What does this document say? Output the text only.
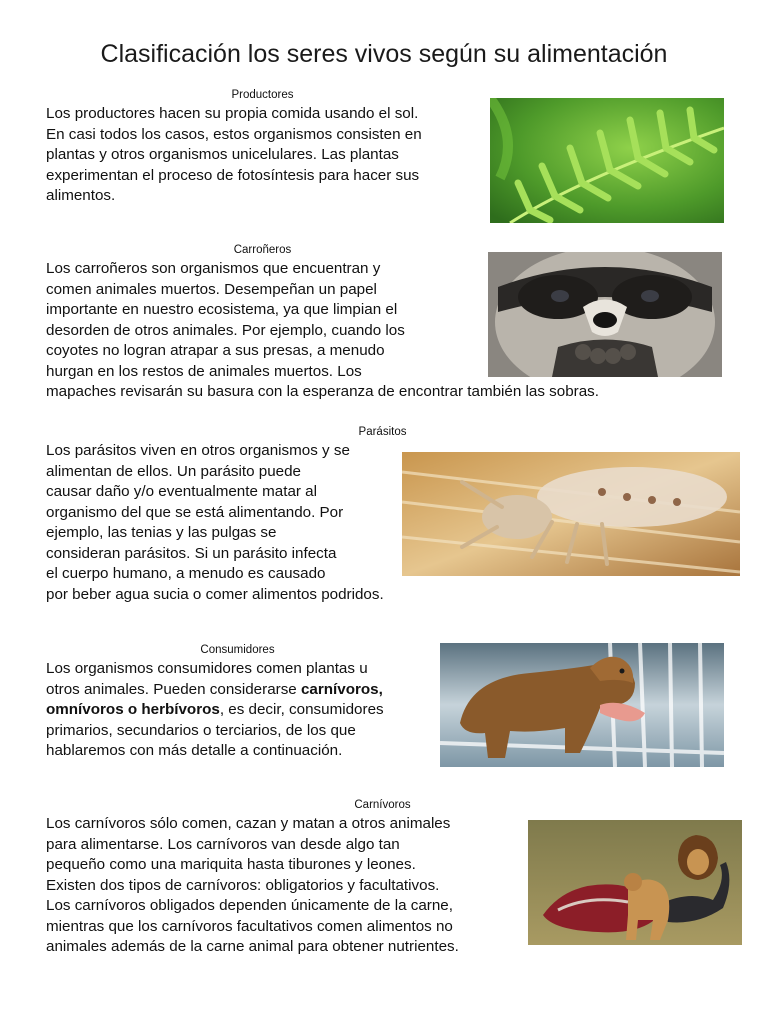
Clasificación los seres vivos según su alimentación
Productores
Los productores hacen su propia comida usando el sol.
En casi todos los casos, estos organismos consisten en
plantas y otros organismos unicelulares. Las plantas
experimentan el proceso de fotosíntesis para hacer sus
alimentos.
Carroñeros
Los carroñeros son organismos que encuentran y
comen animales muertos. Desempeñan un papel
importante en nuestro ecosistema, ya que limpian el
desorden de otros animales. Por ejemplo, cuando los
coyotes no logran atrapar a sus presas, a menudo
hurgan en los restos de animales muertos. Los
mapaches revisarán su basura con la esperanza de encontrar también las sobras.
Parásitos
Los parásitos viven en otros organismos y se
alimentan de ellos. Un parásito puede
causar daño y/o eventualmente matar al
organismo del que se está alimentando. Por
ejemplo, las tenias y las pulgas se
consideran parásitos. Si un parásito infecta
el cuerpo humano, a menudo es causado
por beber agua sucia o comer alimentos podridos.
Consumidores
Los organismos consumidores comen plantas u
otros animales. Pueden considerarse carnívoros,
omnívoros o herbívoros, es decir, consumidores
primarios, secundarios o terciarios, de los que
hablaremos con más detalle a continuación.
Carnívoros
Los carnívoros sólo comen, cazan y matan a otros animales
para alimentarse. Los carnívoros van desde algo tan
pequeño como una mariquita hasta tiburones y leones.
Existen dos tipos de carnívoros: obligatorios y facultativos.
Los carnívoros obligados dependen únicamente de la carne,
mientras que los carnívoros facultativos comen alimentos no
animales además de la carne animal para obtener nutrientes.
